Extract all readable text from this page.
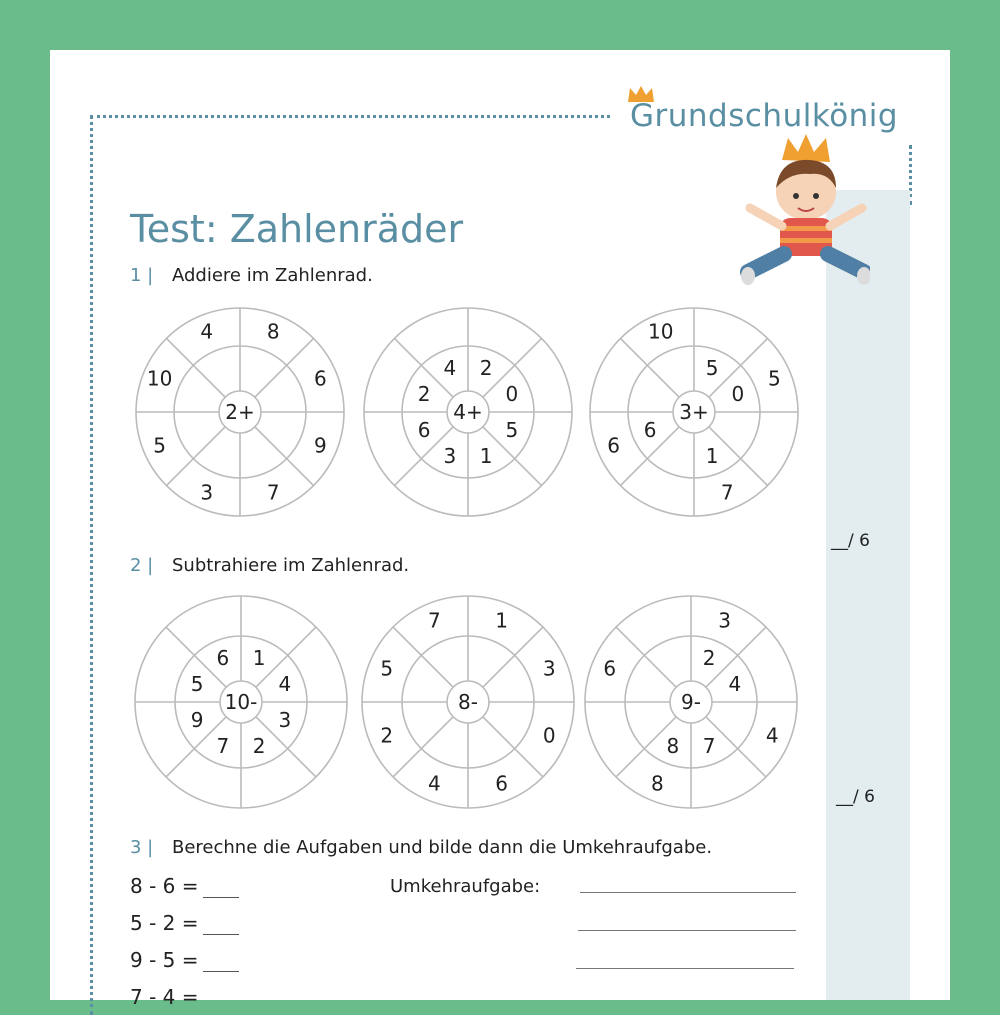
Grundschulkönig
Test: Zahlenräder
1 | Addiere im Zahlenrad.
2 | Subtrahiere im Zahlenrad.
3 | Berechne die Aufgaben und bilde dann die Umkehraufgabe.
__/ 6
__/ 6
2+
8
6
9
7
3
5
10
4
4+
2
0
5
1
3
6
2
4
3+
5
0
1
6
5
7
6
10
10-
1
4
3
2
7
9
5
6
8-
1
3
0
6
4
2
5
7
9-
2
4
7
8
3
4
8
6
8 - 6 =
5 - 2 =
9 - 5 =
7 - 4 =
Umkehraufgabe:
